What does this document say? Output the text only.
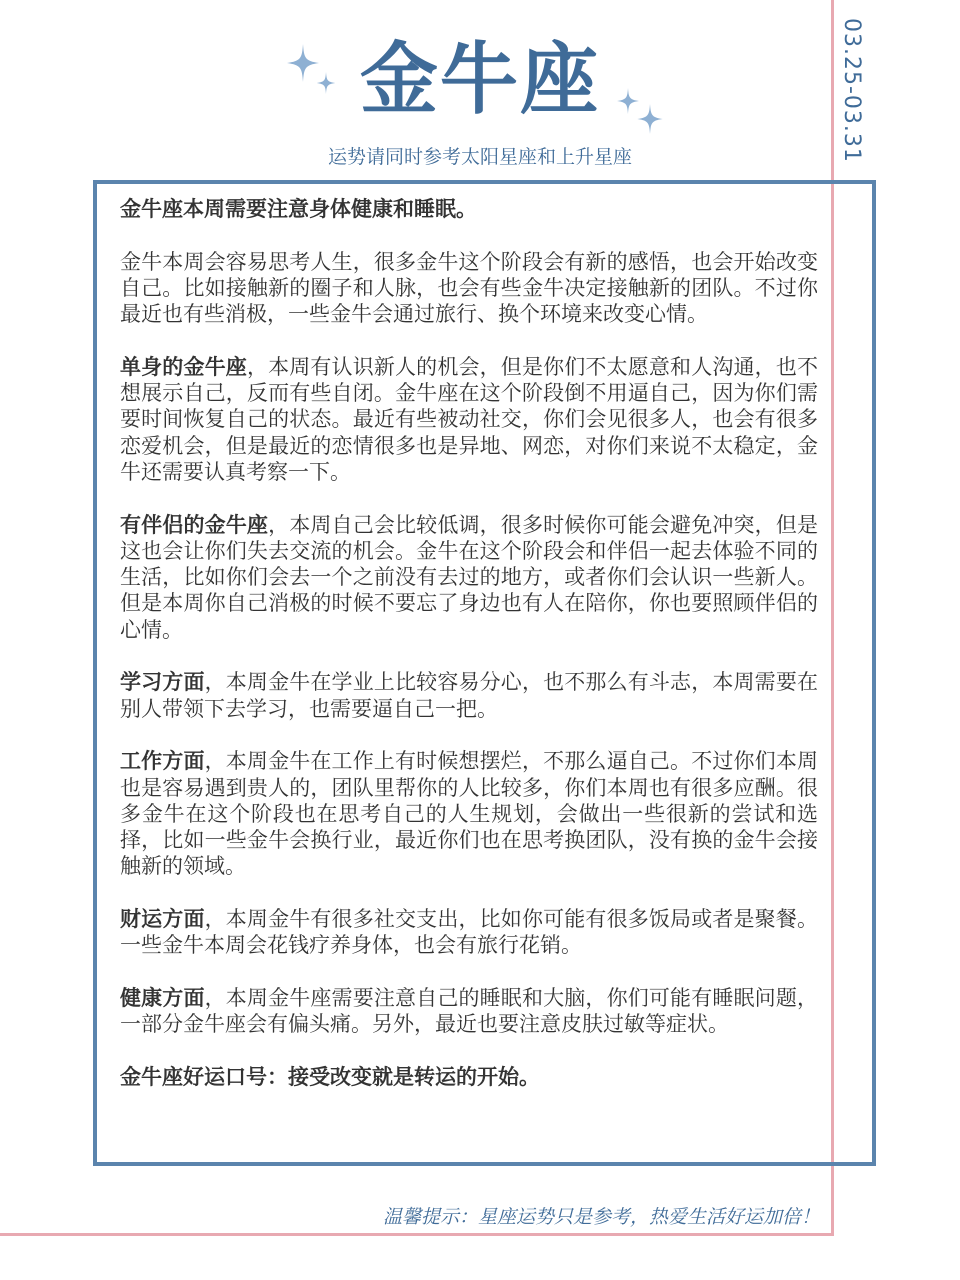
金牛座
运势请同时参考太阳星座和上升星座	03.25-03.31

金牛座本周需要注意身体健康和睡眠。

金牛本周会容易思考人生，很多金牛这个阶段会有新的感悟，也会开始改变自己。比如接触新的圈子和人脉，也会有些金牛决定接触新的团队。不过你最近也有些消极，一些金牛会通过旅行、换个环境来改变心情。

单身的金牛座，本周有认识新人的机会，但是你们不太愿意和人沟通，也不想展示自己，反而有些自闭。金牛座在这个阶段倒不用逼自己，因为你们需要时间恢复自己的状态。最近有些被动社交，你们会见很多人，也会有很多恋爱机会，但是最近的恋情很多也是异地、网恋，对你们来说不太稳定，金牛还需要认真考察一下。

有伴侣的金牛座，本周自己会比较低调，很多时候你可能会避免冲突，但是这也会让你们失去交流的机会。金牛在这个阶段会和伴侣一起去体验不同的生活，比如你们会去一个之前没有去过的地方，或者你们会认识一些新人。但是本周你自己消极的时候不要忘了身边也有人在陪你，你也要照顾伴侣的心情。

学习方面，本周金牛在学业上比较容易分心，也不那么有斗志，本周需要在别人带领下去学习，也需要逼自己一把。

工作方面，本周金牛在工作上有时候想摆烂，不那么逼自己。不过你们本周也是容易遇到贵人的，团队里帮你的人比较多，你们本周也有很多应酬。很多金牛在这个阶段也在思考自己的人生规划，会做出一些很新的尝试和选择，比如一些金牛会换行业，最近你们也在思考换团队，没有换的金牛会接触新的领域。

财运方面，本周金牛有很多社交支出，比如你可能有很多饭局或者是聚餐。一些金牛本周会花钱疗养身体，也会有旅行花销。

健康方面，本周金牛座需要注意自己的睡眠和大脑，你们可能有睡眠问题，一部分金牛座会有偏头痛。另外，最近也要注意皮肤过敏等症状。

金牛座好运口号：接受改变就是转运的开始。

温馨提示：星座运势只是参考，热爱生活好运加倍！
